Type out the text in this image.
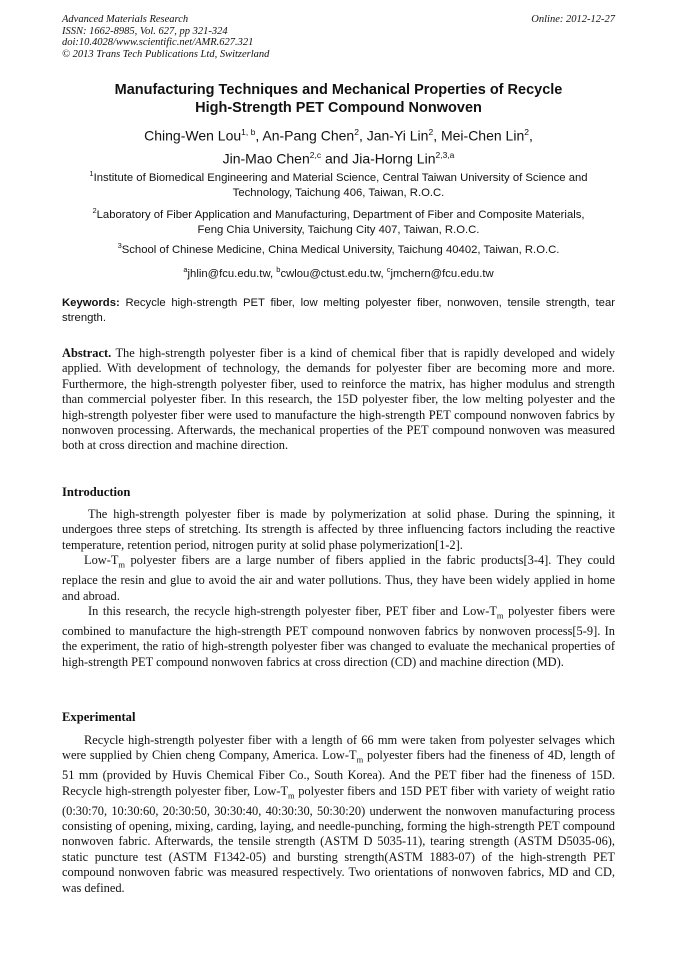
Advanced Materials Research
ISSN: 1662-8985, Vol. 627, pp 321-324
doi:10.4028/www.scientific.net/AMR.627.321
© 2013 Trans Tech Publications Ltd, Switzerland
Online: 2012-12-27
Manufacturing Techniques and Mechanical Properties of Recycle
High-Strength PET Compound Nonwoven
Ching-Wen Lou$^{1, b}$, An-Pang Chen$^2$, Jan-Yi Lin$^2$, Mei-Chen Lin$^2$,
Jin-Mao Chen$^{2,c}$ and Jia-Horng Lin$^{2,3,a}$
$^1$Institute of Biomedical Engineering and Material Science, Central Taiwan University of Science and
Technology, Taichung 406, Taiwan, R.O.C.
$^2$Laboratory of Fiber Application and Manufacturing, Department of Fiber and Composite Materials,
Feng Chia University, Taichung City 407, Taiwan, R.O.C.
$^3$School of Chinese Medicine, China Medical University, Taichung 40402, Taiwan, R.O.C.
$^a$jhlin@fcu.edu.tw, $^b$cwlou@ctust.edu.tw, $^c$jmchern@fcu.edu.tw
Keywords: Recycle high-strength PET fiber, low melting polyester fiber, nonwoven, tensile strength, tear strength.
Abstract. The high-strength polyester fiber is a kind of chemical fiber that is rapidly developed and widely applied. With development of technology, the demands for polyester fiber are becoming more and more. Furthermore, the high-strength polyester fiber, used to reinforce the matrix, has higher modulus and strength than commercial polyester fiber. In this research, the 15D polyester fiber, the low melting polyester and the high-strength polyester fiber were used to manufacture the high-strength PET compound nonwoven fabrics by nonwoven processing. Afterwards, the mechanical properties of the PET compound nonwoven was measured both at cross direction and machine direction.
Introduction

The high-strength polyester fiber is made by polymerization at solid phase. During the spinning, it undergoes three steps of stretching. Its strength is affected by three influencing factors including the reactive temperature, retention period, nitrogen purity at solid phase polymerization[1-2].

Low-$T_m$ polyester fibers are a large number of fibers applied in the fabric products[3-4]. They could replace the resin and glue to avoid the air and water pollutions. Thus, they have been widely applied in home and abroad.

In this research, the recycle high-strength polyester fiber, PET fiber and Low-$T_m$ polyester fibers were combined to manufacture the high-strength PET compound nonwoven fabrics by nonwoven process[5-9]. In the experiment, the ratio of high-strength polyester fiber was changed to evaluate the mechanical properties of high-strength PET compound nonwoven fabrics at cross direction (CD) and machine direction (MD).

Experimental

Recycle high-strength polyester fiber with a length of 66 mm were taken from polyester selvages which were supplied by Chien cheng Company, America. Low-$T_m$ polyester fibers had the fineness of 4D, length of 51 mm (provided by Huvis Chemical Fiber Co., South Korea). And the PET fiber had the fineness of 15D. Recycle high-strength polyester fiber, Low-$T_m$ polyester fibers and 15D PET fiber with variety of weight ratio (0:30:70, 10:30:60, 20:30:50, 30:30:40, 40:30:30, 50:30:20) underwent the nonwoven manufacturing process consisting of opening, mixing, carding, laying, and needle-punching, forming the high-strength PET compound nonwoven fabric. Afterwards, the tensile strength (ASTM D 5035-11), tearing strength (ASTM D5035-06), static puncture test (ASTM F1342-05) and bursting strength(ASTM 1883-07) of the high-strength PET compound nonwoven fabric was measured respectively. Two orientations of nonwoven fabrics, MD and CD, was defined.
